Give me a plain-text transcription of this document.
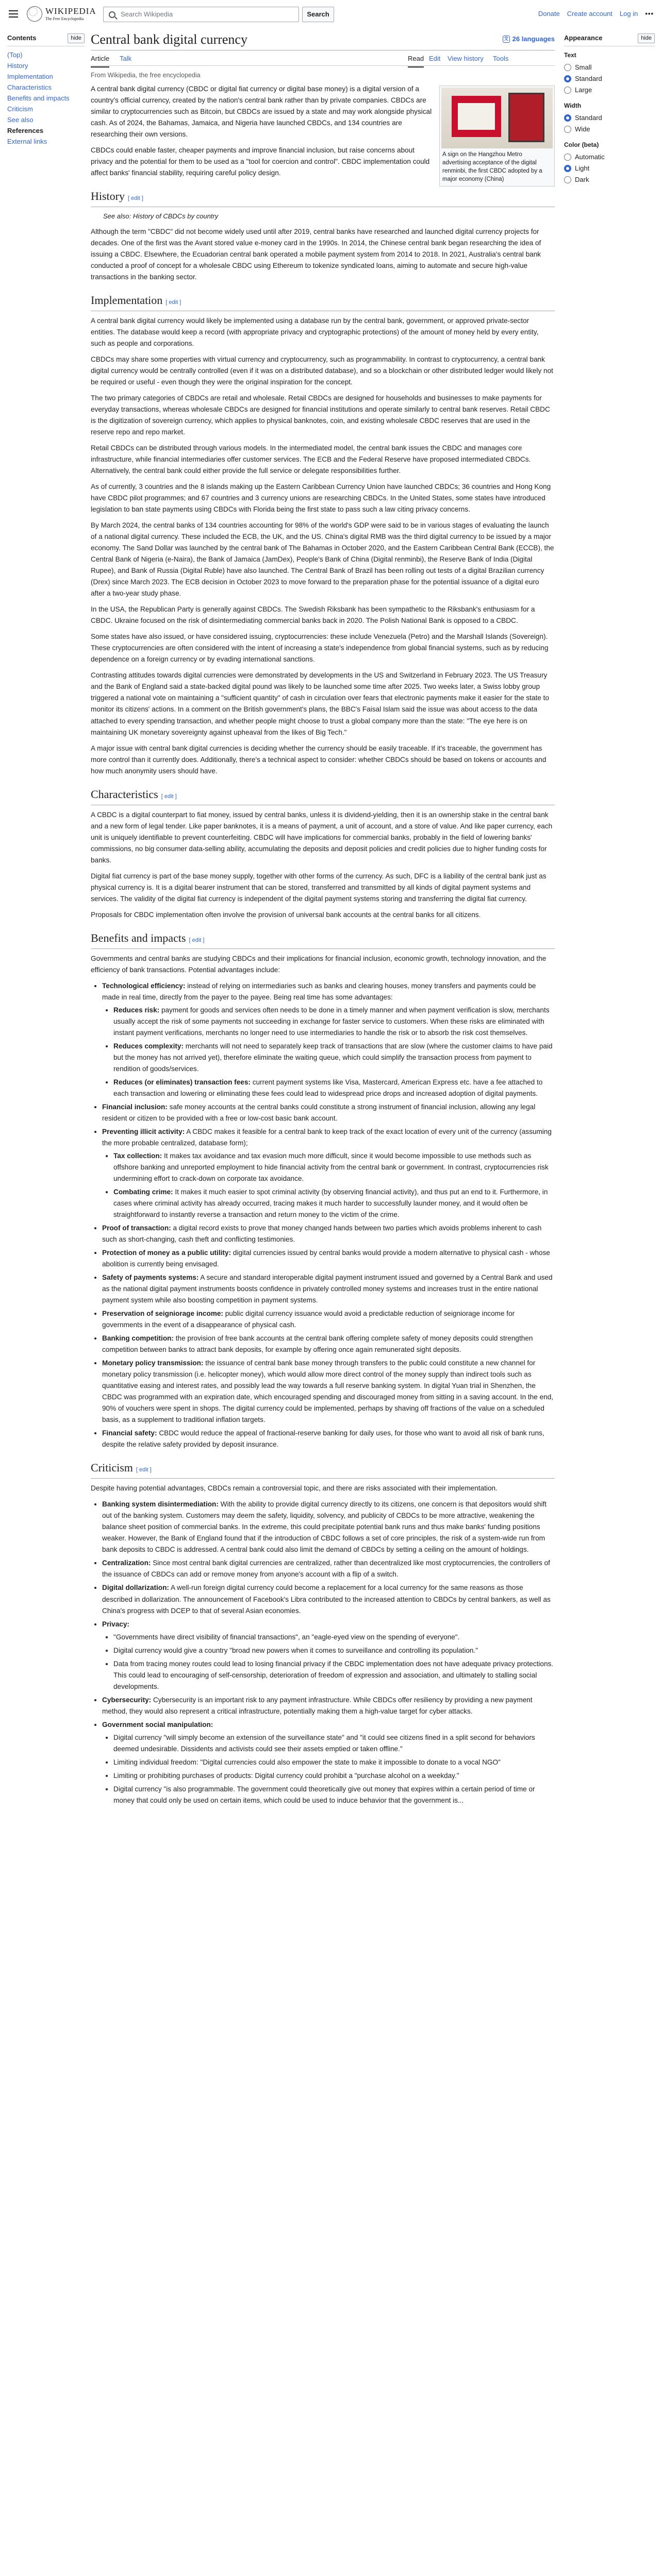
WIKIPEDIA
The Free Encyclopedia
Search Wikipedia	Search	Donate Create account Log in •••
Contents	hide
(Top)
History
Implementation
Characteristics
Benefits and impacts
Criticism
See also
References
External links
Appearance	hide
Text
Small
Standard
Large
Width
Standard
Wide
Color (beta)
Automatic
Light
Dark
Central bank digital currency	文 26 languages
Article Talk	Read Edit View history Tools
From Wikipedia, the free encyclopedia
A sign on the Hangzhou Metro advertising acceptance of the digital renminbi, the first CBDC adopted by a major economy (China)

A central bank digital currency (CBDC or digital fiat currency or digital base money) is a digital version of a country's official currency, created by the nation's central bank rather than by private companies. CBDCs are similar to cryptocurrencies such as Bitcoin, but CBDCs are issued by a state and may work alongside physical cash. As of 2024, the Bahamas, Jamaica, and Nigeria have launched CBDCs, and 134 countries are researching their own versions.

CBDCs could enable faster, cheaper payments and improve financial inclusion, but raise concerns about privacy and the potential for them to be used as a "tool for coercion and control". CBDC implementation could affect banks' financial stability, requiring careful policy design.

History [ edit ]
See also: History of CBDCs by country

Although the term "CBDC" did not become widely used until after 2019, central banks have researched and launched digital currency projects for decades. One of the first was the Avant stored value e-money card in the 1990s. In 2014, the Chinese central bank began researching the idea of issuing a CBDC. Elsewhere, the Ecuadorian central bank operated a mobile payment system from 2014 to 2018. In 2021, Australia's central bank conducted a proof of concept for a wholesale CBDC using Ethereum to tokenize syndicated loans, aiming to automate and secure high-value transactions in the banking sector.

Implementation [ edit ]

A central bank digital currency would likely be implemented using a database run by the central bank, government, or approved private-sector entities. The database would keep a record (with appropriate privacy and cryptographic protections) of the amount of money held by every entity, such as people and corporations.

CBDCs may share some properties with virtual currency and cryptocurrency, such as programmability. In contrast to cryptocurrency, a central bank digital currency would be centrally controlled (even if it was on a distributed database), and so a blockchain or other distributed ledger would likely not be required or useful - even though they were the original inspiration for the concept.

The two primary categories of CBDCs are retail and wholesale. Retail CBDCs are designed for households and businesses to make payments for everyday transactions, whereas wholesale CBDCs are designed for financial institutions and operate similarly to central bank reserves. Retail CBDC is the digitization of sovereign currency, which applies to physical banknotes, coin, and existing wholesale CBDC reserves that are used in the reserve repo and repo market.

Retail CBDCs can be distributed through various models. In the intermediated model, the central bank issues the CBDC and manages core infrastructure, while financial intermediaries offer customer services. The ECB and the Federal Reserve have proposed intermediated CBDCs. Alternatively, the central bank could either provide the full service or delegate responsibilities further.

As of currently, 3 countries and the 8 islands making up the Eastern Caribbean Currency Union have launched CBDCs; 36 countries and Hong Kong have CBDC pilot programmes; and 67 countries and 3 currency unions are researching CBDCs. In the United States, some states have introduced legislation to ban state payments using CBDCs with Florida being the first state to pass such a law citing privacy concerns.

By March 2024, the central banks of 134 countries accounting for 98% of the world's GDP were said to be in various stages of evaluating the launch of a national digital currency. These included the ECB, the UK, and the US. China's digital RMB was the third digital currency to be issued by a major economy. The Sand Dollar was launched by the central bank of The Bahamas in October 2020, and the Eastern Caribbean Central Bank (ECCB), the Central Bank of Nigeria (e-Naira), the Bank of Jamaica (JamDex), People's Bank of China (Digital renminbi), the Reserve Bank of India (Digital Rupee), and Bank of Russia (Digital Ruble) have also launched. The Central Bank of Brazil has been rolling out tests of a digital Brazilian currency (Drex) since March 2023. The ECB decision in October 2023 to move forward to the preparation phase for the potential issuance of a digital euro after a two-year study phase.

In the USA, the Republican Party is generally against CBDCs. The Swedish Riksbank has been sympathetic to the Riksbank's enthusiasm for a CBDC. Ukraine focused on the risk of disintermediating commercial banks back in 2020. The Polish National Bank is opposed to a CBDC.

Some states have also issued, or have considered issuing, cryptocurrencies: these include Venezuela (Petro) and the Marshall Islands (Sovereign). These cryptocurrencies are often considered with the intent of increasing a state's independence from global financial systems, such as by reducing dependence on a foreign currency or by evading international sanctions.

Contrasting attitudes towards digital currencies were demonstrated by developments in the US and Switzerland in February 2023. The US Treasury and the Bank of England said a state-backed digital pound was likely to be launched some time after 2025. Two weeks later, a Swiss lobby group triggered a national vote on maintaining a "sufficient quantity" of cash in circulation over fears that electronic payments make it easier for the state to monitor its citizens' actions. In a comment on the British government's plans, the BBC's Faisal Islam said the issue was about access to the data attached to every spending transaction, and whether people might choose to trust a global company more than the state: "The eye here is on maintaining UK monetary sovereignty against upheaval from the likes of Big Tech."

A major issue with central bank digital currencies is deciding whether the currency should be easily traceable. If it's traceable, the government has more control than it currently does. Additionally, there's a technical aspect to consider: whether CBDCs should be based on tokens or accounts and how much anonymity users should have.

Characteristics [ edit ]

A CBDC is a digital counterpart to fiat money, issued by central banks, unless it is dividend-yielding, then it is an ownership stake in the central bank and a new form of legal tender. Like paper banknotes, it is a means of payment, a unit of account, and a store of value. And like paper currency, each unit is uniquely identifiable to prevent counterfeiting. CBDC will have implications for commercial banks, probably in the field of lowering banks' commissions, no big consumer data-selling ability, accumulating the deposits and deposit policies and credit policies due to higher funding costs for banks.

Digital fiat currency is part of the base money supply, together with other forms of the currency. As such, DFC is a liability of the central bank just as physical currency is. It is a digital bearer instrument that can be stored, transferred and transmitted by all kinds of digital payment systems and services. The validity of the digital fiat currency is independent of the digital payment systems storing and transferring the digital fiat currency.

Proposals for CBDC implementation often involve the provision of universal bank accounts at the central banks for all citizens.

Benefits and impacts [ edit ]

Governments and central banks are studying CBDCs and their implications for financial inclusion, economic growth, technology innovation, and the efficiency of bank transactions. Potential advantages include:

• Technological efficiency: instead of relying on intermediaries such as banks and clearing houses, money transfers and payments could be made in real time, directly from the payer to the payee. Being real time has some advantages:
• Reduces risk: payment for goods and services often needs to be done in a timely manner and when payment verification is slow, merchants usually accept the risk of some payments not succeeding in exchange for faster service to customers. When these risks are eliminated with instant payment verifications, merchants no longer need to use intermediaries to handle the risk or to absorb the risk cost themselves.
• Reduces complexity: merchants will not need to separately keep track of transactions that are slow (where the customer claims to have paid but the money has not arrived yet), therefore eliminate the waiting queue, which could simplify the transaction process from payment to rendition of goods/services.
• Reduces (or eliminates) transaction fees: current payment systems like Visa, Mastercard, American Express etc. have a fee attached to each transaction and lowering or eliminating these fees could lead to widespread price drops and increased adoption of digital payments.
• Financial inclusion: safe money accounts at the central banks could constitute a strong instrument of financial inclusion, allowing any legal resident or citizen to be provided with a free or low-cost basic bank account.
• Preventing illicit activity: A CBDC makes it feasible for a central bank to keep track of the exact location of every unit of the currency (assuming the more probable centralized, database form);
• Tax collection: It makes tax avoidance and tax evasion much more difficult, since it would become impossible to use methods such as offshore banking and unreported employment to hide financial activity from the central bank or government. In contrast, cryptocurrencies risk undermining effort to crack-down on corporate tax avoidance.
• Combating crime: It makes it much easier to spot criminal activity (by observing financial activity), and thus put an end to it. Furthermore, in cases where criminal activity has already occurred, tracing makes it much harder to successfully launder money, and it would often be straightforward to instantly reverse a transaction and return money to the victim of the crime.
• Proof of transaction: a digital record exists to prove that money changed hands between two parties which avoids problems inherent to cash such as short-changing, cash theft and conflicting testimonies.
• Protection of money as a public utility: digital currencies issued by central banks would provide a modern alternative to physical cash - whose abolition is currently being envisaged.
• Safety of payments systems: A secure and standard interoperable digital payment instrument issued and governed by a Central Bank and used as the national digital payment instruments boosts confidence in privately controlled money systems and increases trust in the entire national payment system while also boosting competition in payment systems.
• Preservation of seigniorage income: public digital currency issuance would avoid a predictable reduction of seigniorage income for governments in the event of a disappearance of physical cash.
• Banking competition: the provision of free bank accounts at the central bank offering complete safety of money deposits could strengthen competition between banks to attract bank deposits, for example by offering once again remunerated sight deposits.
• Monetary policy transmission: the issuance of central bank base money through transfers to the public could constitute a new channel for monetary policy transmission (i.e. helicopter money), which would allow more direct control of the money supply than indirect tools such as quantitative easing and interest rates, and possibly lead the way towards a full reserve banking system. In digital Yuan trial in Shenzhen, the CBDC was programmed with an expiration date, which encouraged spending and discouraged money from sitting in a saving account. In the end, 90% of vouchers were spent in shops. The digital currency could be implemented, perhaps by shaving off fractions of the value on a scheduled basis, as a supplement to traditional inflation targets.
• Financial safety: CBDC would reduce the appeal of fractional-reserve banking for daily uses, for those who want to avoid all risk of bank runs, despite the relative safety provided by deposit insurance.
Criticism [ edit ]

Despite having potential advantages, CBDCs remain a controversial topic, and there are risks associated with their implementation.

• Banking system disintermediation: With the ability to provide digital currency directly to its citizens, one concern is that depositors would shift out of the banking system. Customers may deem the safety, liquidity, solvency, and publicity of CBDCs to be more attractive, weakening the balance sheet position of commercial banks. In the extreme, this could precipitate potential bank runs and thus make banks' funding positions weaker. However, the Bank of England found that if the introduction of CBDC follows a set of core principles, the risk of a system-wide run from bank deposits to CBDC is addressed. A central bank could also limit the demand of CBDCs by setting a ceiling on the amount of holdings.
• Centralization: Since most central bank digital currencies are centralized, rather than decentralized like most cryptocurrencies, the controllers of the issuance of CBDCs can add or remove money from anyone's account with a flip of a switch.
• Digital dollarization: A well-run foreign digital currency could become a replacement for a local currency for the same reasons as those described in dollarization. The announcement of Facebook's Libra contributed to the increased attention to CBDCs by central bankers, as well as China's progress with DCEP to that of several Asian economies.
• Privacy:
• "Governments have direct visibility of financial transactions", an "eagle-eyed view on the spending of everyone".
• Digital currency would give a country "broad new powers when it comes to surveillance and controlling its population."
• Data from tracing money routes could lead to losing financial privacy if the CBDC implementation does not have adequate privacy protections. This could lead to encouraging of self-censorship, deterioration of freedom of expression and association, and ultimately to stalling social developments.
• Cybersecurity: Cybersecurity is an important risk to any payment infrastructure. While CBDCs offer resiliency by providing a new payment method, they would also represent a critical infrastructure, potentially making them a high-value target for cyber attacks.
• Government social manipulation:
• Digital currency "will simply become an extension of the surveillance state" and "it could see citizens fined in a split second for behaviors deemed undesirable. Dissidents and activists could see their assets emptied or taken offline."
• Limiting individual freedom: "Digital currencies could also empower the state to make it impossible to donate to a vocal NGO"
• Limiting or prohibiting purchases of products: Digital currency could prohibit a "purchase alcohol on a weekday."
• Digital currency "is also programmable. The government could theoretically give out money that expires within a certain period of time or money that could only be used on certain items, which could be used to induce behavior that the government is...
